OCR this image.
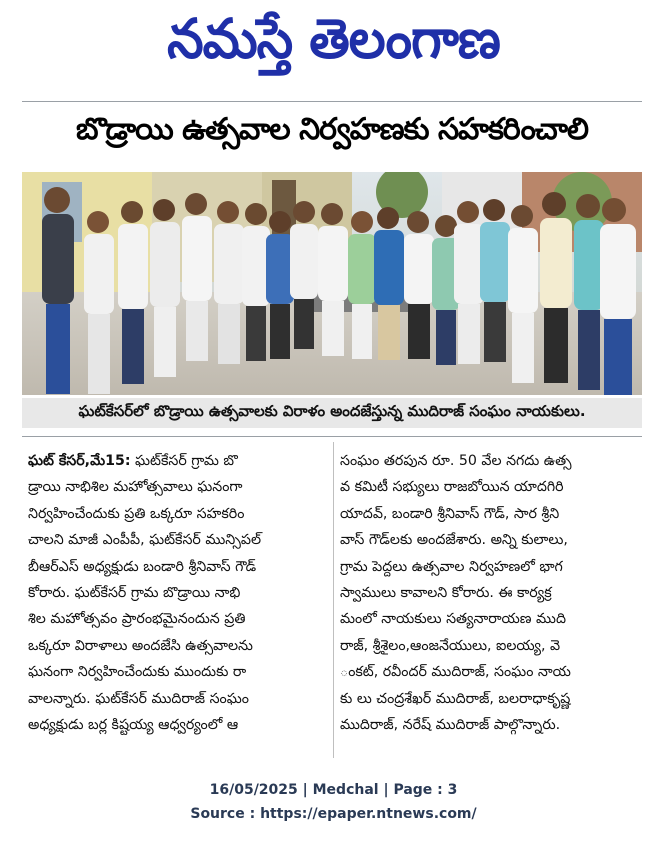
నమస్తే తెలంగాణ
బొడ్రాయి ఉత్సవాల నిర్వహణకు సహకరించాలి
ఘట్‌కేసర్‌లో బొడ్రాయి ఉత్సవాలకు విరాళం అందజేస్తున్న ముదిరాజ్ సంఘం నాయకులు.
ఘట్ కేసర్,మే15: ఘట్‌కేసర్ గ్రామ బొ
డ్రాయి నాభిశిల మహోత్సవాలు ఘనంగా
నిర్వహించేందుకు ప్రతి ఒక్కరూ సహకరిం
చాలని మాజీ ఎంపీపీ, ఘట్‌కేసర్ మున్సిపల్
బీఆర్‌ఎస్ అధ్యక్షుడు బండారి శ్రీనివాస్ గౌడ్
కోరారు. ఘట్‌కేసర్ గ్రామ బొడ్రాయి నాభి
శిల మహోత్సవం ప్రారంభమైనందున ప్రతి
ఒక్కరూ విరాళాలు అందజేసి ఉత్సవాలను
ఘనంగా నిర్వహించేందుకు ముందుకు రా
వాలన్నారు. ఘట్‌కేసర్ ముదిరాజ్ సంఘం
అధ్యక్షుడు బర్ల కిష్టయ్య ఆధ్వర్యంలో ఆ
సంఘం తరపున రూ. 50 వేల నగదు ఉత్స
వ కమిటీ సభ్యులు రాజబోయిన యాదగిరి
యాదవ్, బండారి శ్రీనివాస్ గౌడ్, సార శ్రీని
వాస్ గౌడ్‌లకు అందజేశారు. అన్ని కులాలు,
గ్రామ పెద్దలు ఉత్సవాల నిర్వహణలో భాగ
స్వాములు కావాలని కోరారు. ఈ కార్యక్ర
మంలో నాయకులు సత్యనారాయణ ముది
రాజ్, శ్రీశైలం,ఆంజనేయులు, ఐలయ్య, వె
ంకట్, రవీందర్ ముదిరాజ్, సంఘం నాయ
కు లు చంద్రశేఖర్ ముదిరాజ్, బలరాధాకృష్ణ
ముదిరాజ్, నరేష్ ముదిరాజ్ పాల్గొన్నారు.
16/05/2025 | Medchal | Page : 3
Source : https://epaper.ntnews.com/
